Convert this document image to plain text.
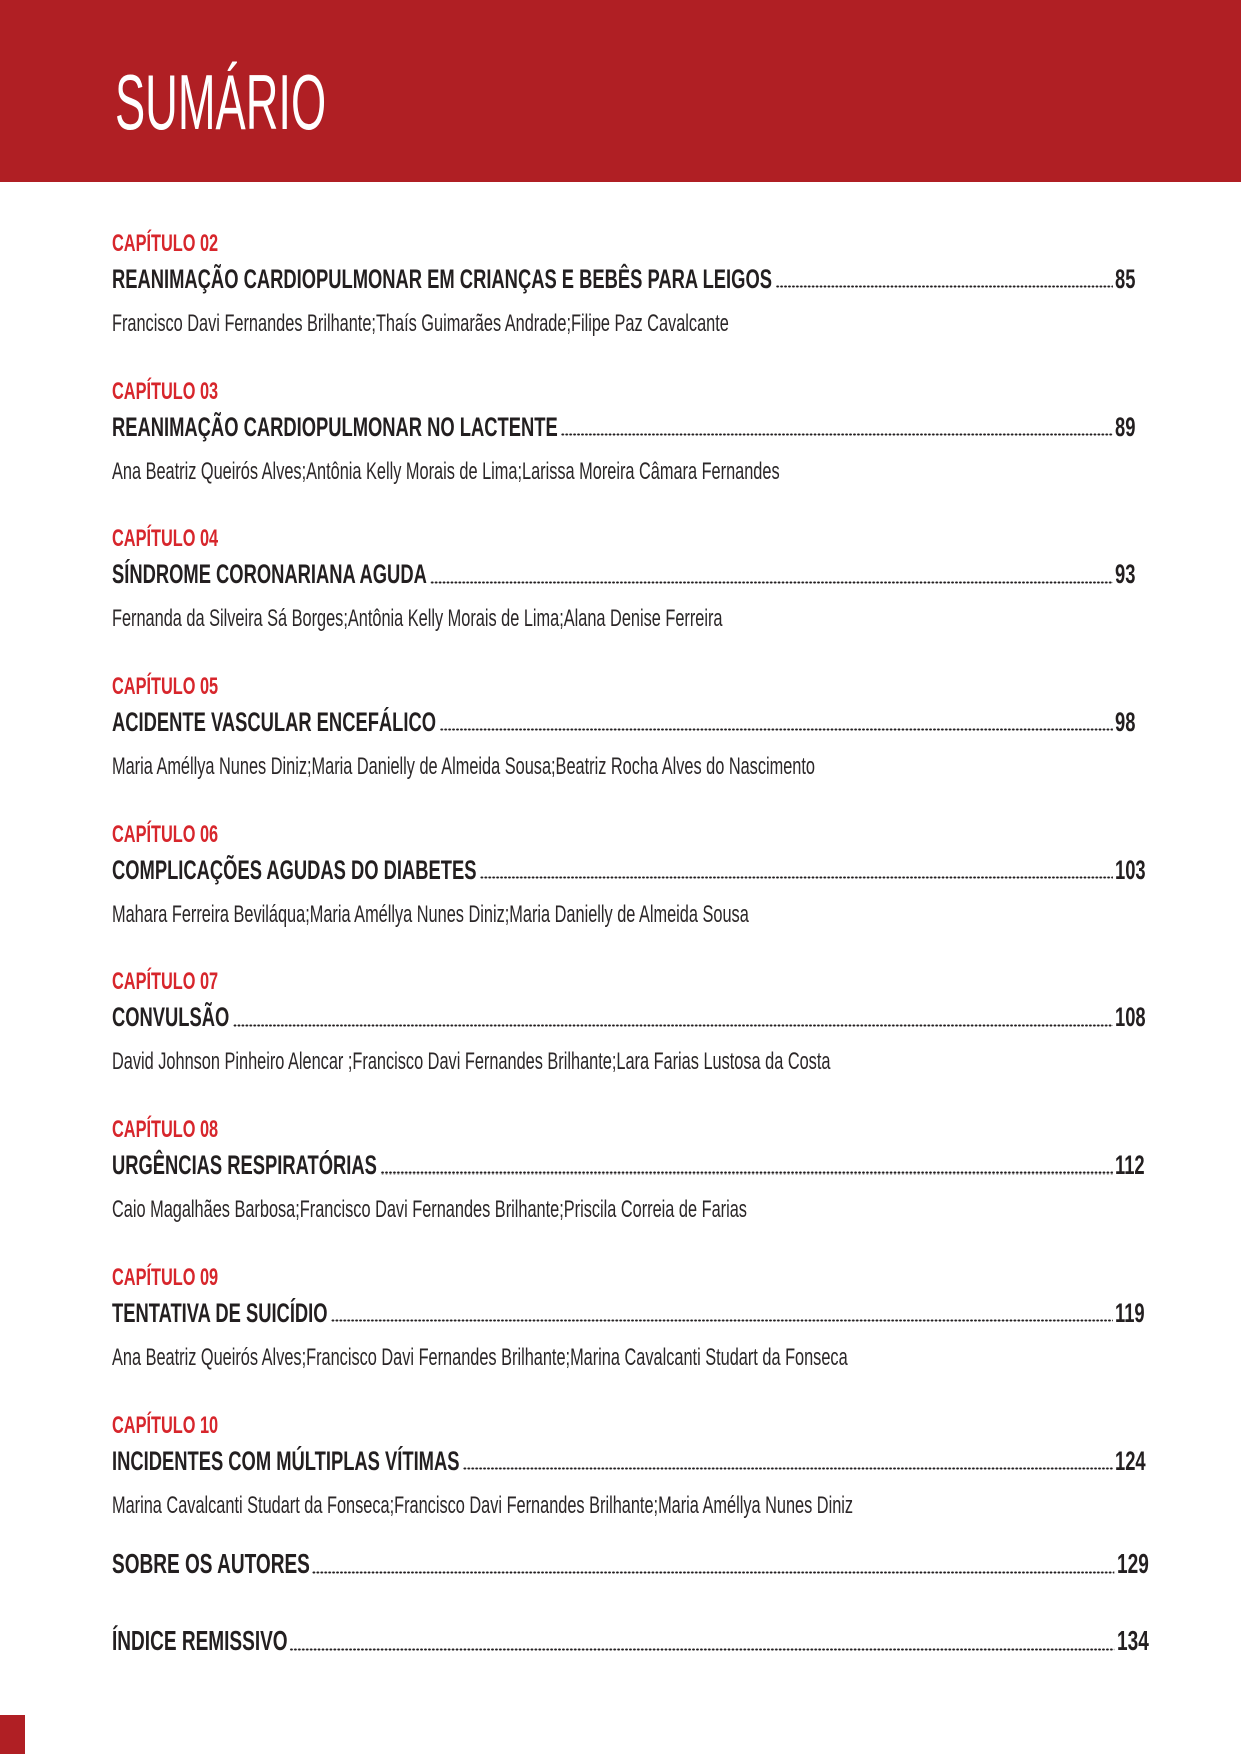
SUMÁRIO
CAPÍTULO 02
REANIMAÇÃO CARDIOPULMONAR EM CRIANÇAS E BEBÊS PARA LEIGOS	85
Francisco Davi Fernandes Brilhante;Thaís Guimarães Andrade;Filipe Paz Cavalcante
CAPÍTULO 03
REANIMAÇÃO CARDIOPULMONAR NO LACTENTE	89
Ana Beatriz Queirós Alves;Antônia Kelly Morais de Lima;Larissa Moreira Câmara Fernandes
CAPÍTULO 04
SÍNDROME CORONARIANA AGUDA	93
Fernanda da Silveira Sá Borges;Antônia Kelly Morais de Lima;Alana Denise Ferreira
CAPÍTULO 05
ACIDENTE VASCULAR ENCEFÁLICO	98
Maria Améllya Nunes Diniz;Maria Danielly de Almeida Sousa;Beatriz Rocha Alves do Nascimento
CAPÍTULO 06
COMPLICAÇÕES AGUDAS DO DIABETES	103
Mahara Ferreira Beviláqua;Maria Améllya Nunes Diniz;Maria Danielly de Almeida Sousa
CAPÍTULO 07
CONVULSÃO	108
David Johnson Pinheiro Alencar ;Francisco Davi Fernandes Brilhante;Lara Farias Lustosa da Costa
CAPÍTULO 08
URGÊNCIAS RESPIRATÓRIAS	112
Caio Magalhães Barbosa;Francisco Davi Fernandes Brilhante;Priscila Correia de Farias
CAPÍTULO 09
TENTATIVA DE SUICÍDIO	119
Ana Beatriz Queirós Alves;Francisco Davi Fernandes Brilhante;Marina Cavalcanti Studart da Fonseca
CAPÍTULO 10
INCIDENTES COM MÚLTIPLAS VÍTIMAS	124
Marina Cavalcanti Studart da Fonseca;Francisco Davi Fernandes Brilhante;Maria Améllya Nunes Diniz
SOBRE OS AUTORES	129
ÍNDICE REMISSIVO	134
